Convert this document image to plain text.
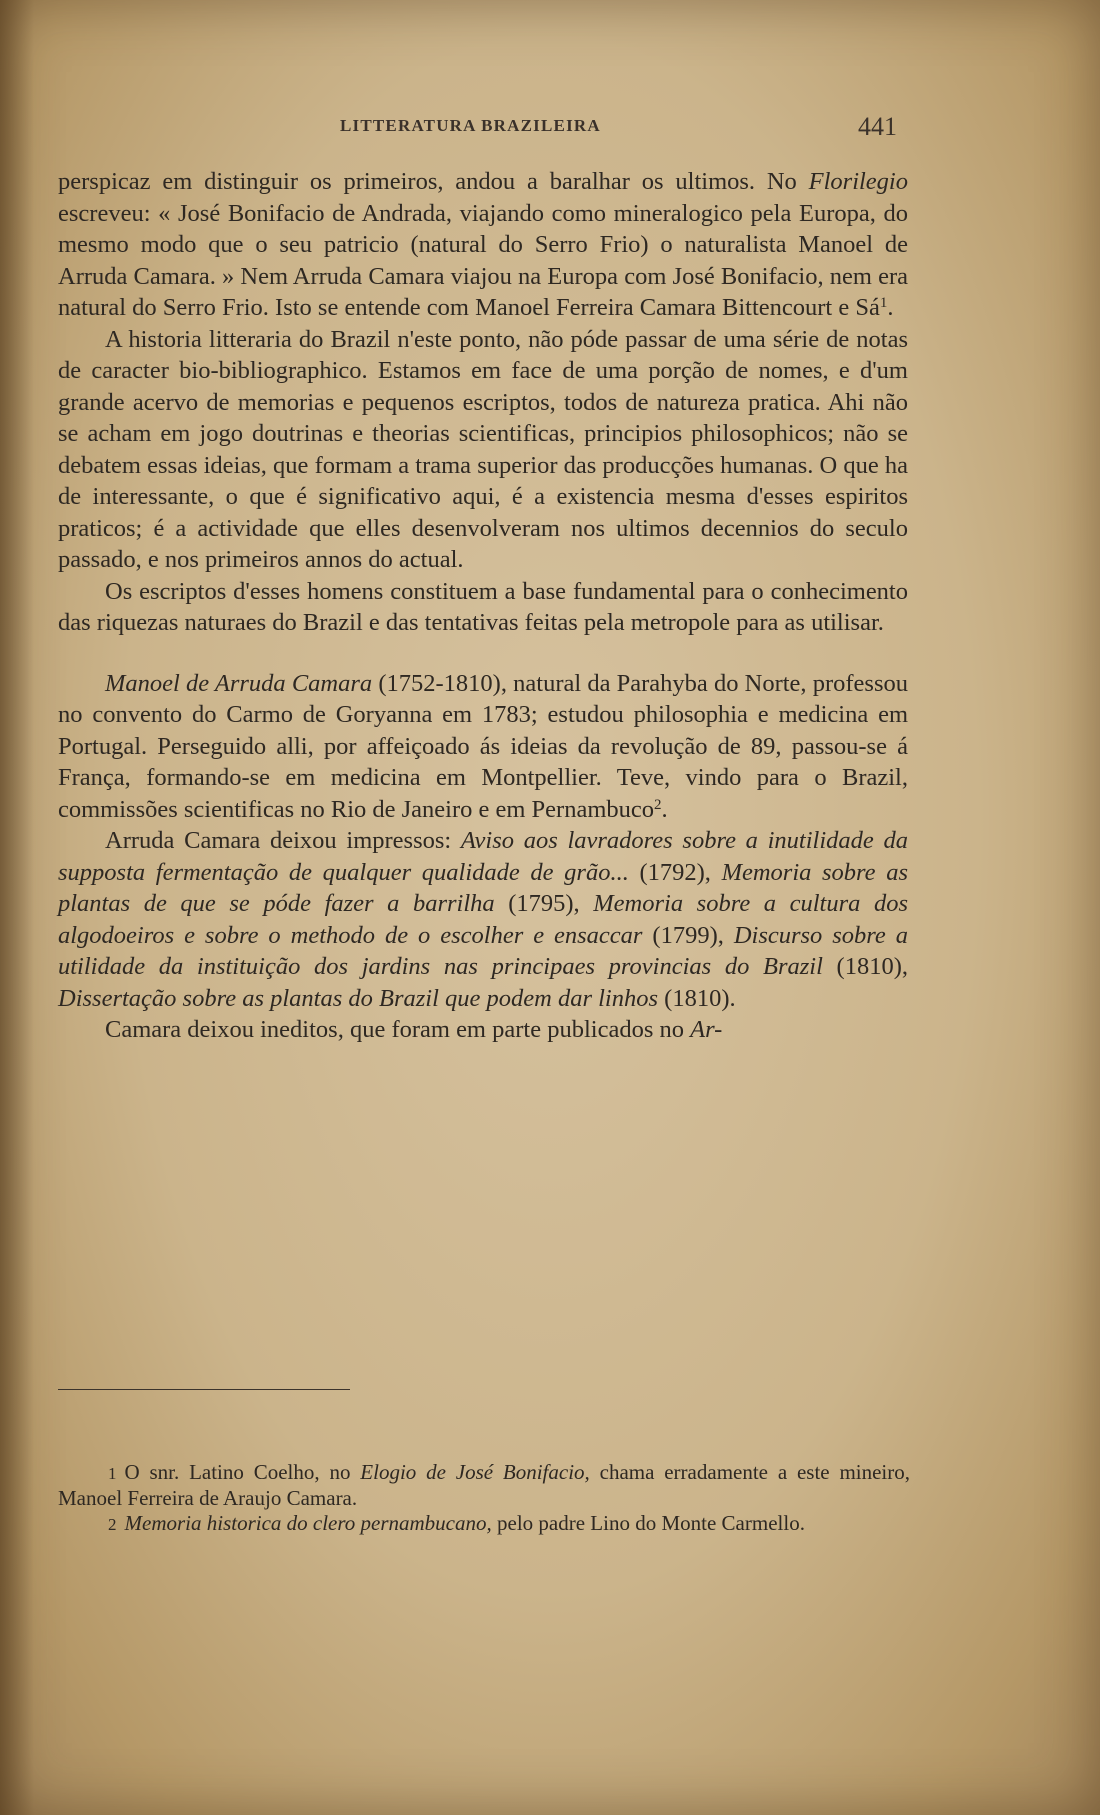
LITTERATURA BRAZILEIRA	441

perspicaz em distinguir os primeiros, andou a baralhar os ultimos. No Florilegio escreveu: « José Bonifacio de Andrada, viajando como mineralogico pela Europa, do mesmo modo que o seu patricio (natural do Serro Frio) o naturalista Manoel de Arruda Camara. » Nem Arruda Camara viajou na Europa com José Bonifacio, nem era natural do Serro Frio. Isto se entende com Manoel Ferreira Camara Bittencourt e $Sá^1$.

A historia litteraria do Brazil n'este ponto, não póde passar de uma série de notas de caracter bio-bibliographico. Estamos em face de uma porção de nomes, e d'um grande acervo de memorias e pequenos escriptos, todos de natureza pratica. Ahi não se acham em jogo doutrinas e theorias scientificas, principios philosophicos; não se debatem essas ideias, que formam a trama superior das producções humanas. O que ha de interessante, o que é significativo aqui, é a existencia mesma d'esses espiritos praticos; é a actividade que elles desenvolveram nos ultimos decennios do seculo passado, e nos primeiros annos do actual.

Os escriptos d'esses homens constituem a base fundamental para o conhecimento das riquezas naturaes do Brazil e das tentativas feitas pela metropole para as utilisar.

Manoel de Arruda Camara (1752-1810), natural da Parahyba do Norte, professou no convento do Carmo de Goryanna em 1783; estudou philosophia e medicina em Portugal. Perseguido alli, por affeiçoado ás ideias da revolução de 89, passou-se á França, formando-se em medicina em Montpellier. Teve, vindo para o Brazil, commissões scientificas no Rio de Janeiro e em Pernambuco$^2$.

Arruda Camara deixou impressos: Aviso aos lavradores sobre a inutilidade da supposta fermentação de qualquer qualidade de grão... (1792), Memoria sobre as plantas de que se póde fazer a barrilha (1795), Memoria sobre a cultura dos algodoeiros e sobre o methodo de o escolher e ensaccar (1799), Discurso sobre a utilidade da instituição dos jardins nas principaes provincias do Brazil (1810), Dissertação sobre as plantas do Brazil que podem dar linhos (1810).

Camara deixou ineditos, que foram em parte publicados no Ar-

1 O snr. Latino Coelho, no Elogio de José Bonifacio, chama erradamente a este mineiro, Manoel Ferreira de Araujo Camara.

2 Memoria historica do clero pernambucano, pelo padre Lino do Monte Carmello.
